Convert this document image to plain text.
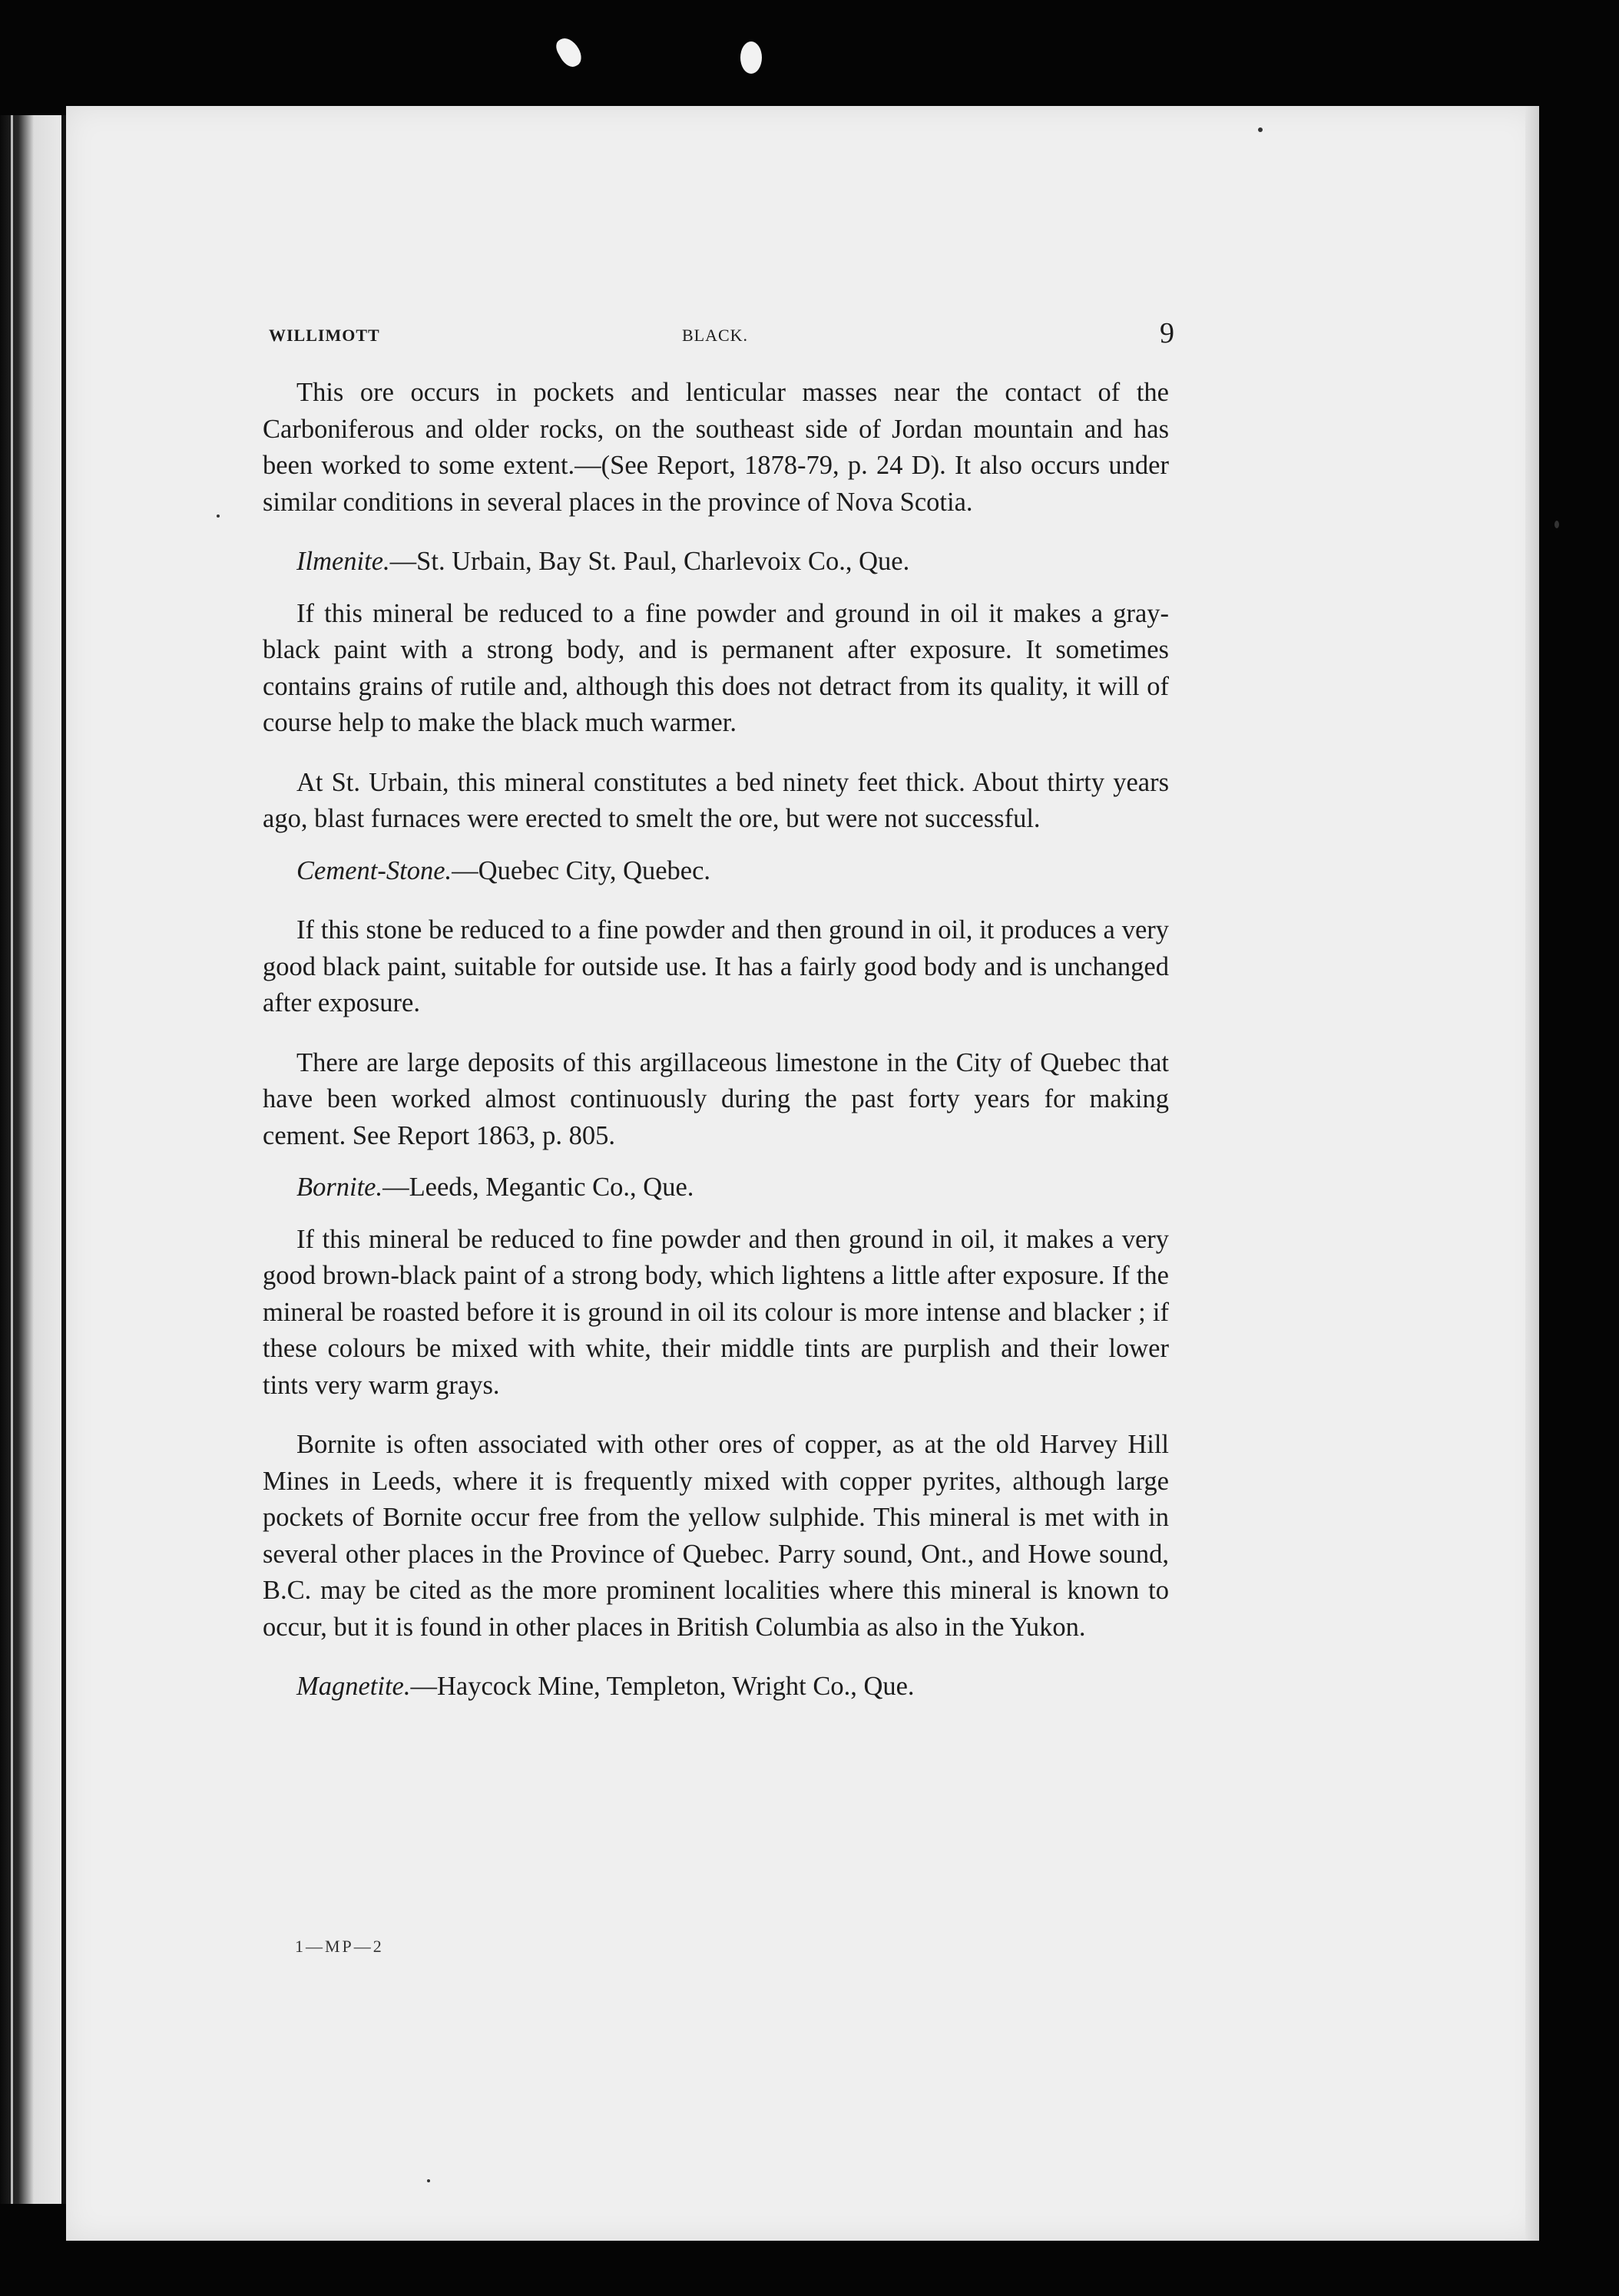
WILLIMOTT	BLACK.	9

This ore occurs in pockets and lenticular masses near the contact of the Carboniferous and older rocks, on the southeast side of Jordan mountain and has been worked to some extent.—(See Report, 1878-79, p. 24 D). It also occurs under similar conditions in several places in the province of Nova Scotia.

Ilmenite.—St. Urbain, Bay St. Paul, Charlevoix Co., Que.

If this mineral be reduced to a fine powder and ground in oil it makes a gray-black paint with a strong body, and is permanent after exposure. It sometimes contains grains of rutile and, although this does not detract from its quality, it will of course help to make the black much warmer.

At St. Urbain, this mineral constitutes a bed ninety feet thick. About thirty years ago, blast furnaces were erected to smelt the ore, but were not successful.

Cement-Stone.—Quebec City, Quebec.

If this stone be reduced to a fine powder and then ground in oil, it produces a very good black paint, suitable for outside use. It has a fairly good body and is unchanged after exposure.

There are large deposits of this argillaceous limestone in the City of Quebec that have been worked almost continuously during the past forty years for making cement. See Report 1863, p. 805.

Bornite.—Leeds, Megantic Co., Que.

If this mineral be reduced to fine powder and then ground in oil, it makes a very good brown-black paint of a strong body, which lightens a little after exposure. If the mineral be roasted before it is ground in oil its colour is more intense and blacker ; if these colours be mixed with white, their middle tints are purplish and their lower tints very warm grays.

Bornite is often associated with other ores of copper, as at the old Harvey Hill Mines in Leeds, where it is frequently mixed with copper pyrites, although large pockets of Bornite occur free from the yellow sulphide. This mineral is met with in several other places in the Province of Quebec. Parry sound, Ont., and Howe sound, B.C. may be cited as the more prominent localities where this mineral is known to occur, but it is found in other places in British Columbia as also in the Yukon.

Magnetite.—Haycock Mine, Templeton, Wright Co., Que.

1—MP—2
